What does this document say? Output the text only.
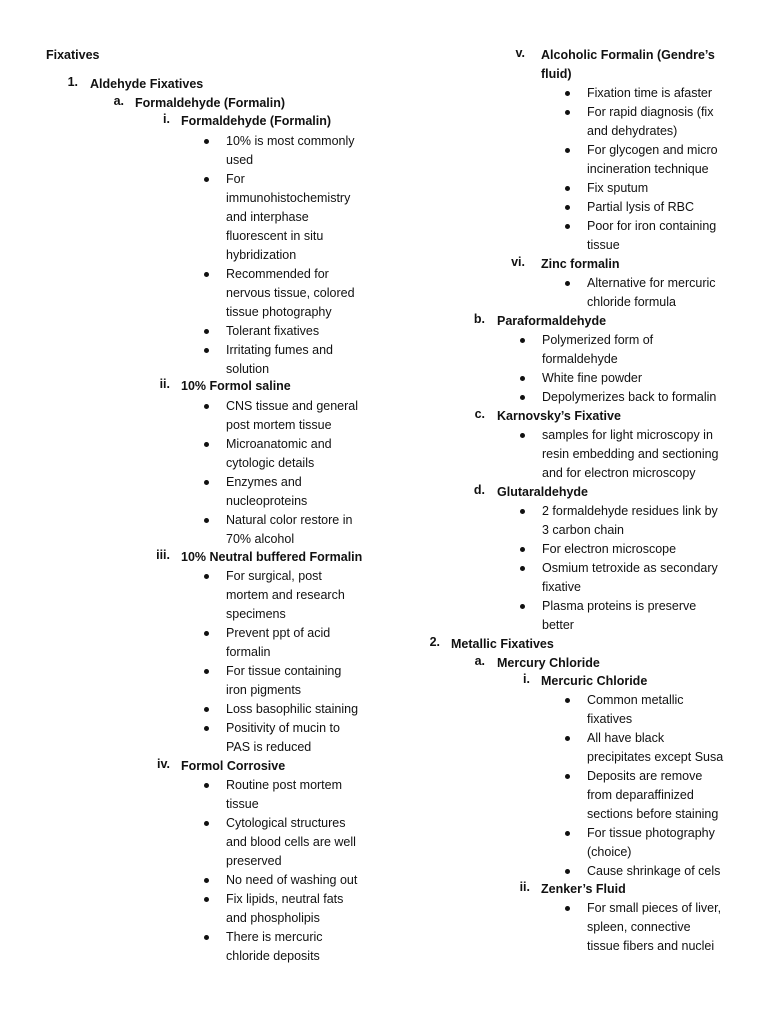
Fixatives
1. Aldehyde Fixatives
a. Formaldehyde (Formalin)
i. Formaldehyde (Formalin)
ii. 10% Formol saline
iii. 10% Neutral buffered Formalin
iv. Formol Corrosive
10% is most commonly
used
For
immunohistochemistry
and interphase
fluorescent in situ
hybridization
Recommended for
nervous tissue, colored
tissue photography
Tolerant fixatives
Irritating fumes and
solution
CNS tissue and general
post mortem tissue
Microanatomic and
cytologic details
Enzymes and
nucleoproteins
Natural color restore in
70% alcohol
For surgical, post
mortem and research
specimens
Prevent ppt of acid
formalin
For tissue containing
iron pigments
Loss basophilic staining
Positivity of mucin to
PAS is reduced
Routine post mortem
tissue
Cytological structures
and blood cells are well
preserved
No need of washing out
Fix lipids, neutral fats
and phospholipis
There is mercuric
chloride deposits
v. Alcoholic Formalin (Gendre’s
fluid)
vi. Zinc formalin
b. Paraformaldehyde
c. Karnovsky’s Fixative
d. Glutaraldehyde
2. Metallic Fixatives
a. Mercury Chloride
i. Mercuric Chloride
ii. Zenker’s Fluid
Fixation time is afaster
For rapid diagnosis (fix
and dehydrates)
For glycogen and micro
incineration technique
Fix sputum
Partial lysis of RBC
Poor for iron containing
tissue
Alternative for mercuric
chloride formula
Polymerized form of
formaldehyde
White fine powder
Depolymerizes back to formalin
samples for light microscopy in
resin embedding and sectioning
and for electron microscopy
2 formaldehyde residues link by
3 carbon chain
For electron microscope
Osmium tetroxide as secondary
fixative
Plasma proteins is preserve
better
Common metallic
fixatives
All have black
precipitates except Susa
Deposits are remove
from deparaffinized
sections before staining
For tissue photography
(choice)
Cause shrinkage of cels
For small pieces of liver,
spleen, connective
tissue fibers and nuclei
